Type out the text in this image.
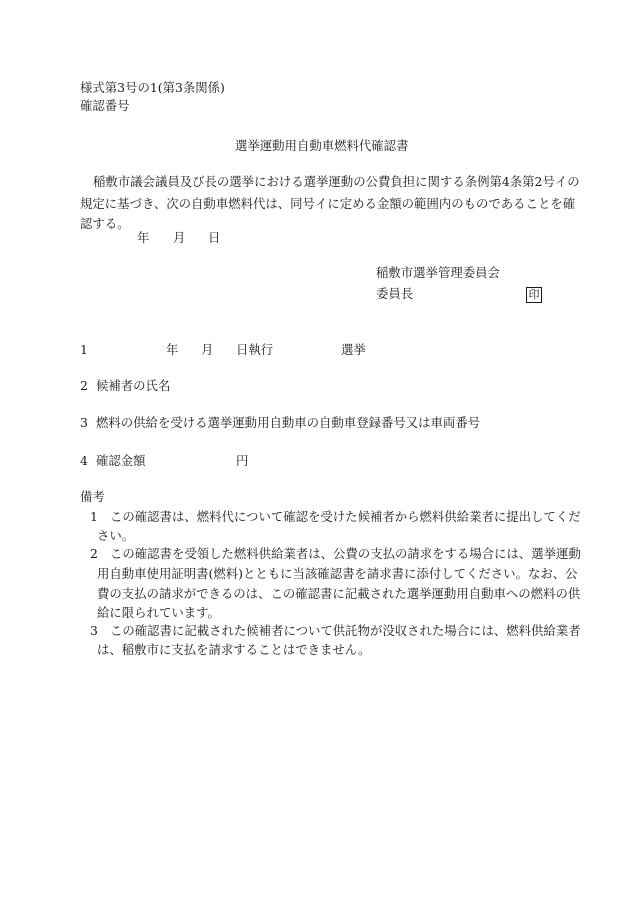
様式第3号の1(第3条関係)
確認番号
選挙運動用自動車燃料代確認書
稲敷市議会議員及び長の選挙における選挙運動の公費負担に関する条例第4条第2号イの
規定に基づき、次の自動車燃料代は、同号イに定める金額の範囲内のものであることを確
認する。
年 月 日
稲敷市選挙管理委員会
委員長	印
1	年 月 日執行	選挙
2 候補者の氏名
3 燃料の供給を受ける選挙運動用自動車の自動車登録番号又は車両番号
4 確認金額	円
備考
1 この確認書は、燃料代について確認を受けた候補者から燃料供給業者に提出してくだ
さい。
2 この確認書を受領した燃料供給業者は、公費の支払の請求をする場合には、選挙運動
用自動車使用証明書(燃料)とともに当該確認書を請求書に添付してください。なお、公
費の支払の請求ができるのは、この確認書に記載された選挙運動用自動車への燃料の供
給に限られています。
3 この確認書に記載された候補者について供託物が没収された場合には、燃料供給業者
は、稲敷市に支払を請求することはできません。
